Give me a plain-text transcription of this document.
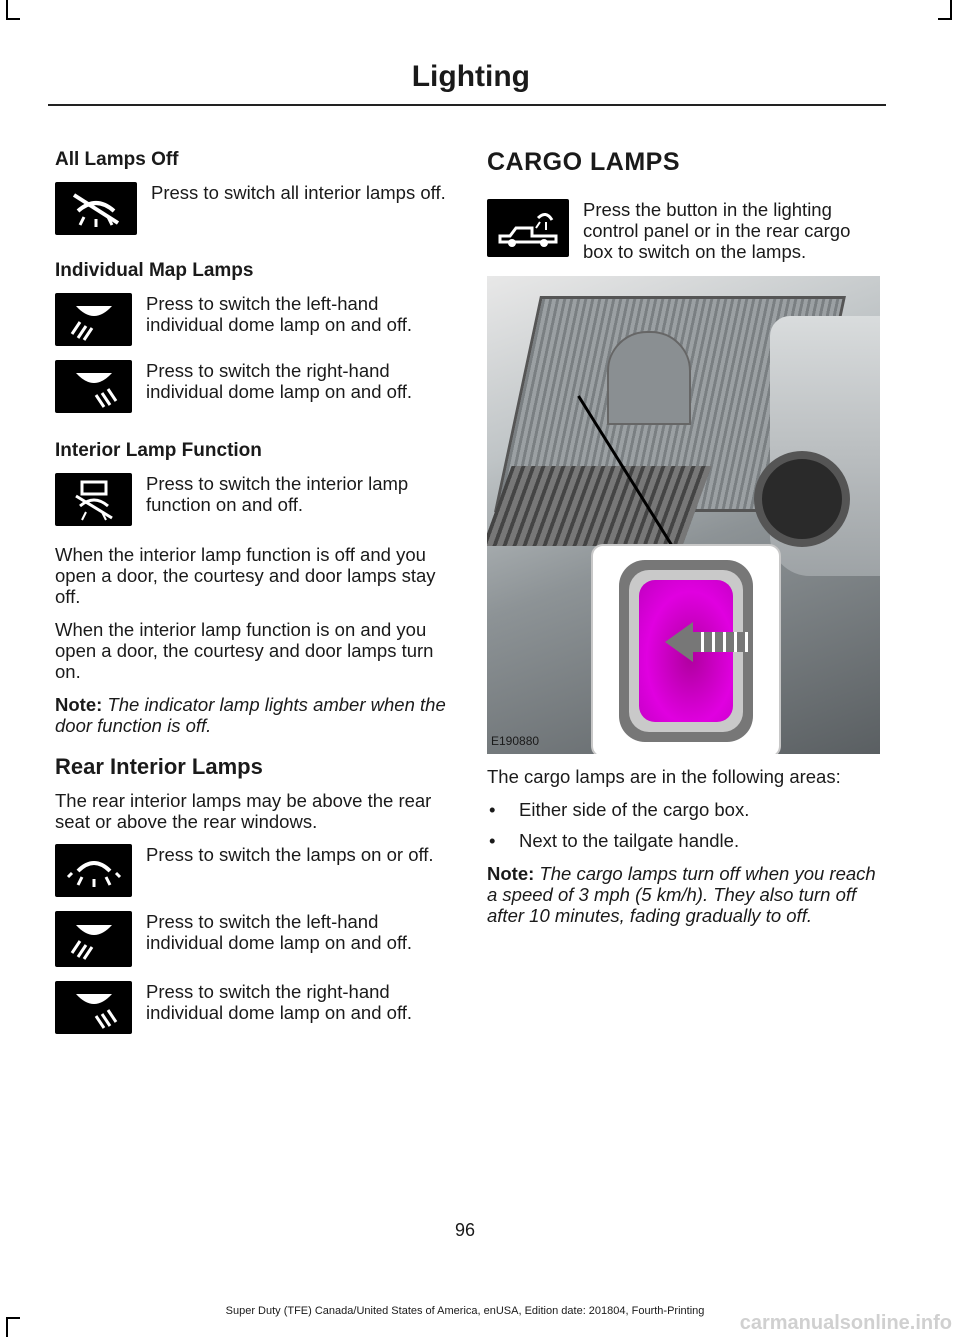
Lighting
All Lamps Off

Press to switch all interior lamps off.

Individual Map Lamps

Press to switch the left-hand individual dome lamp on and off.

Press to switch the right-hand individual dome lamp on and off.

Interior Lamp Function

Press to switch the interior lamp function on and off.

When the interior lamp function is off and you open a door, the courtesy and door lamps stay off.

When the interior lamp function is on and you open a door, the courtesy and door lamps turn on.

Note: The indicator lamp lights amber when the door function is off.

Rear Interior Lamps

The rear interior lamps may be above the rear seat or above the rear windows.

Press to switch the lamps on or off.

Press to switch the left-hand individual dome lamp on and off.

Press to switch the right-hand individual dome lamp on and off.

CARGO LAMPS

Press the button in the lighting control panel or in the rear cargo box to switch on the lamps.

E190880

The cargo lamps are in the following areas:

• Either side of the cargo box.
• Next to the tailgate handle.

Note: The cargo lamps turn off when you reach a speed of 3 mph (5 km/h). They also turn off after 10 minutes, fading gradually to off.

96
Super Duty (TFE) Canada/United States of America, enUSA, Edition date: 201804, Fourth-Printing
carmanualsonline.info
